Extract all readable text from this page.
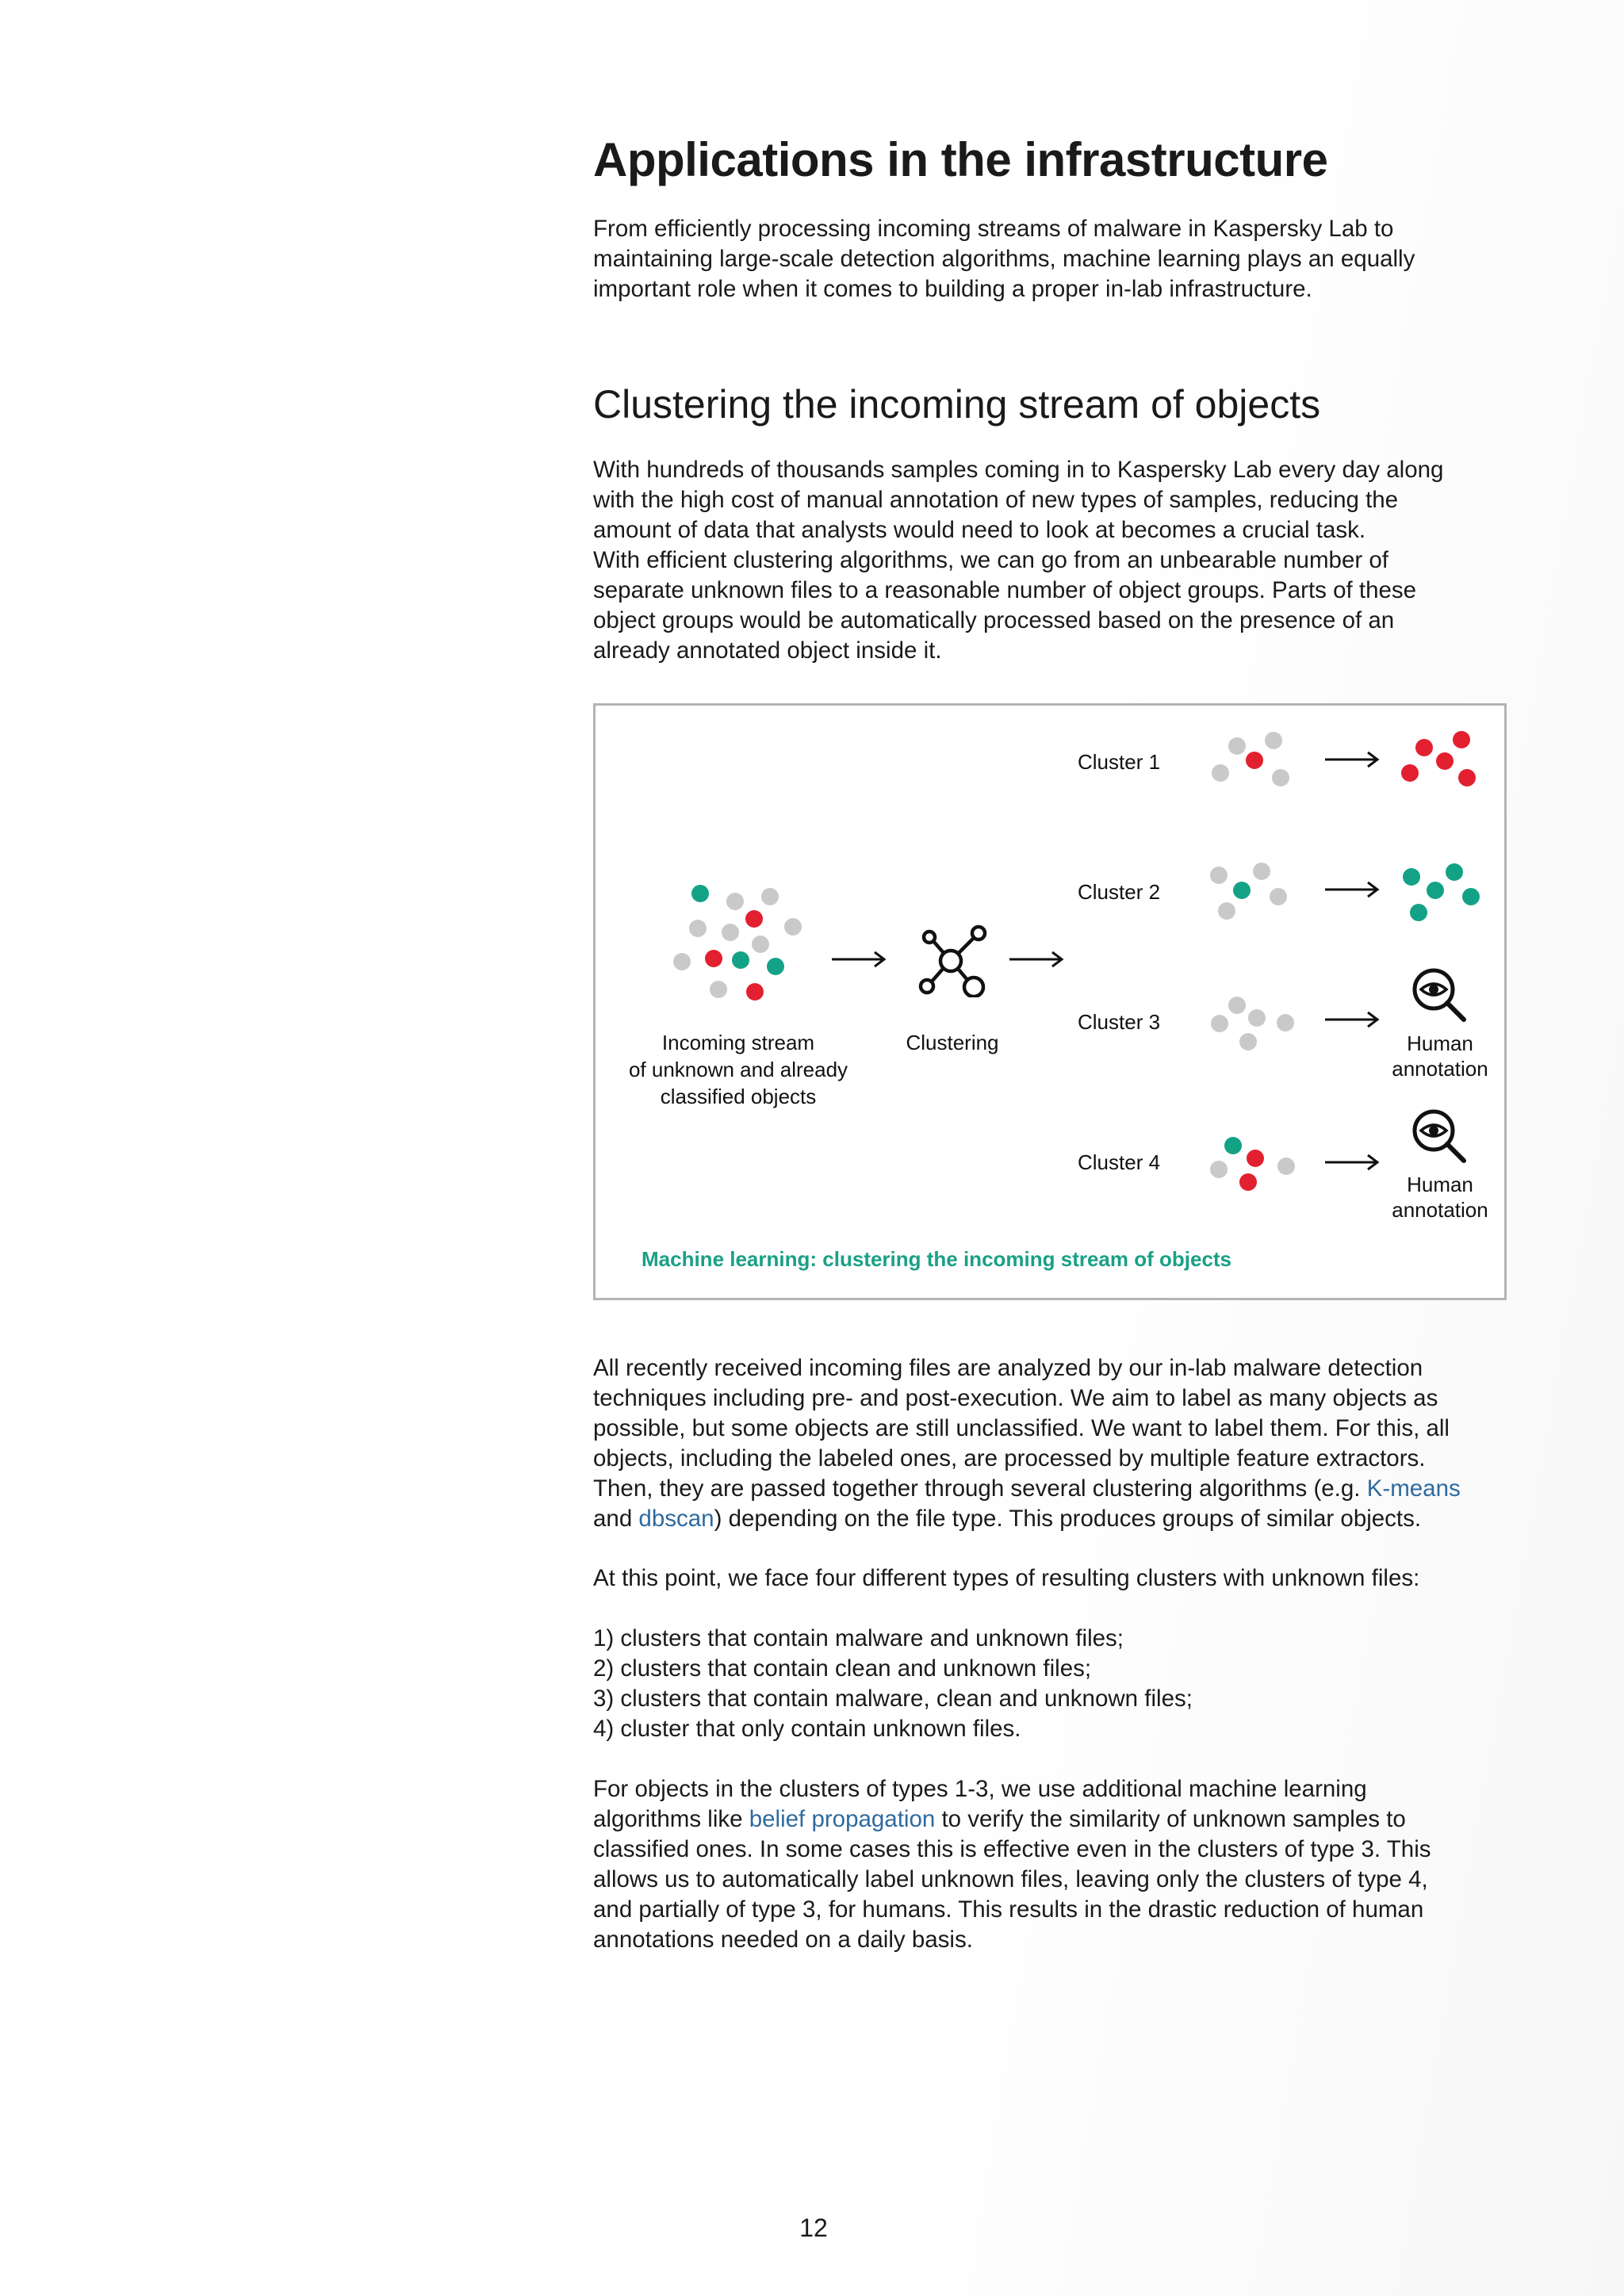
Applications in the infrastructure

From efficiently processing incoming streams of malware in Kaspersky Lab to
maintaining large-scale detection algorithms, machine learning plays an equally
important role when it comes to building a proper in-lab infrastructure.

Clustering the incoming stream of objects

With hundreds of thousands samples coming in to Kaspersky Lab every day along
with the high cost of manual annotation of new types of samples, reducing the
amount of data that analysts would need to look at becomes a crucial task.
With efficient clustering algorithms, we can go from an unbearable number of
separate unknown files to a reasonable number of object groups. Parts of these
object groups would be automatically processed based on the presence of an
already annotated object inside it.

Incoming stream
of unknown and already
classified objects
Clustering
Cluster 1
Cluster 2
Cluster 3
Human
annotation
Cluster 4
Human
annotation
Machine learning: clustering the incoming stream of objects

All recently received incoming files are analyzed by our in-lab malware detection
techniques including pre- and post-execution. We aim to label as many objects as
possible, but some objects are still unclassified. We want to label them. For this, all
objects, including the labeled ones, are processed by multiple feature extractors.
Then, they are passed together through several clustering algorithms (e.g. K-means
and dbscan) depending on the file type. This produces groups of similar objects.

At this point, we face four different types of resulting clusters with unknown files:

1) clusters that contain malware and unknown files;
2) clusters that contain clean and unknown files;
3) clusters that contain malware, clean and unknown files;
4) cluster that only contain unknown files.

For objects in the clusters of types 1-3, we use additional machine learning
algorithms like belief propagation to verify the similarity of unknown samples to
classified ones. In some cases this is effective even in the clusters of type 3. This
allows us to automatically label unknown files, leaving only the clusters of type 4,
and partially of type 3, for humans. This results in the drastic reduction of human
annotations needed on a daily basis.

12
